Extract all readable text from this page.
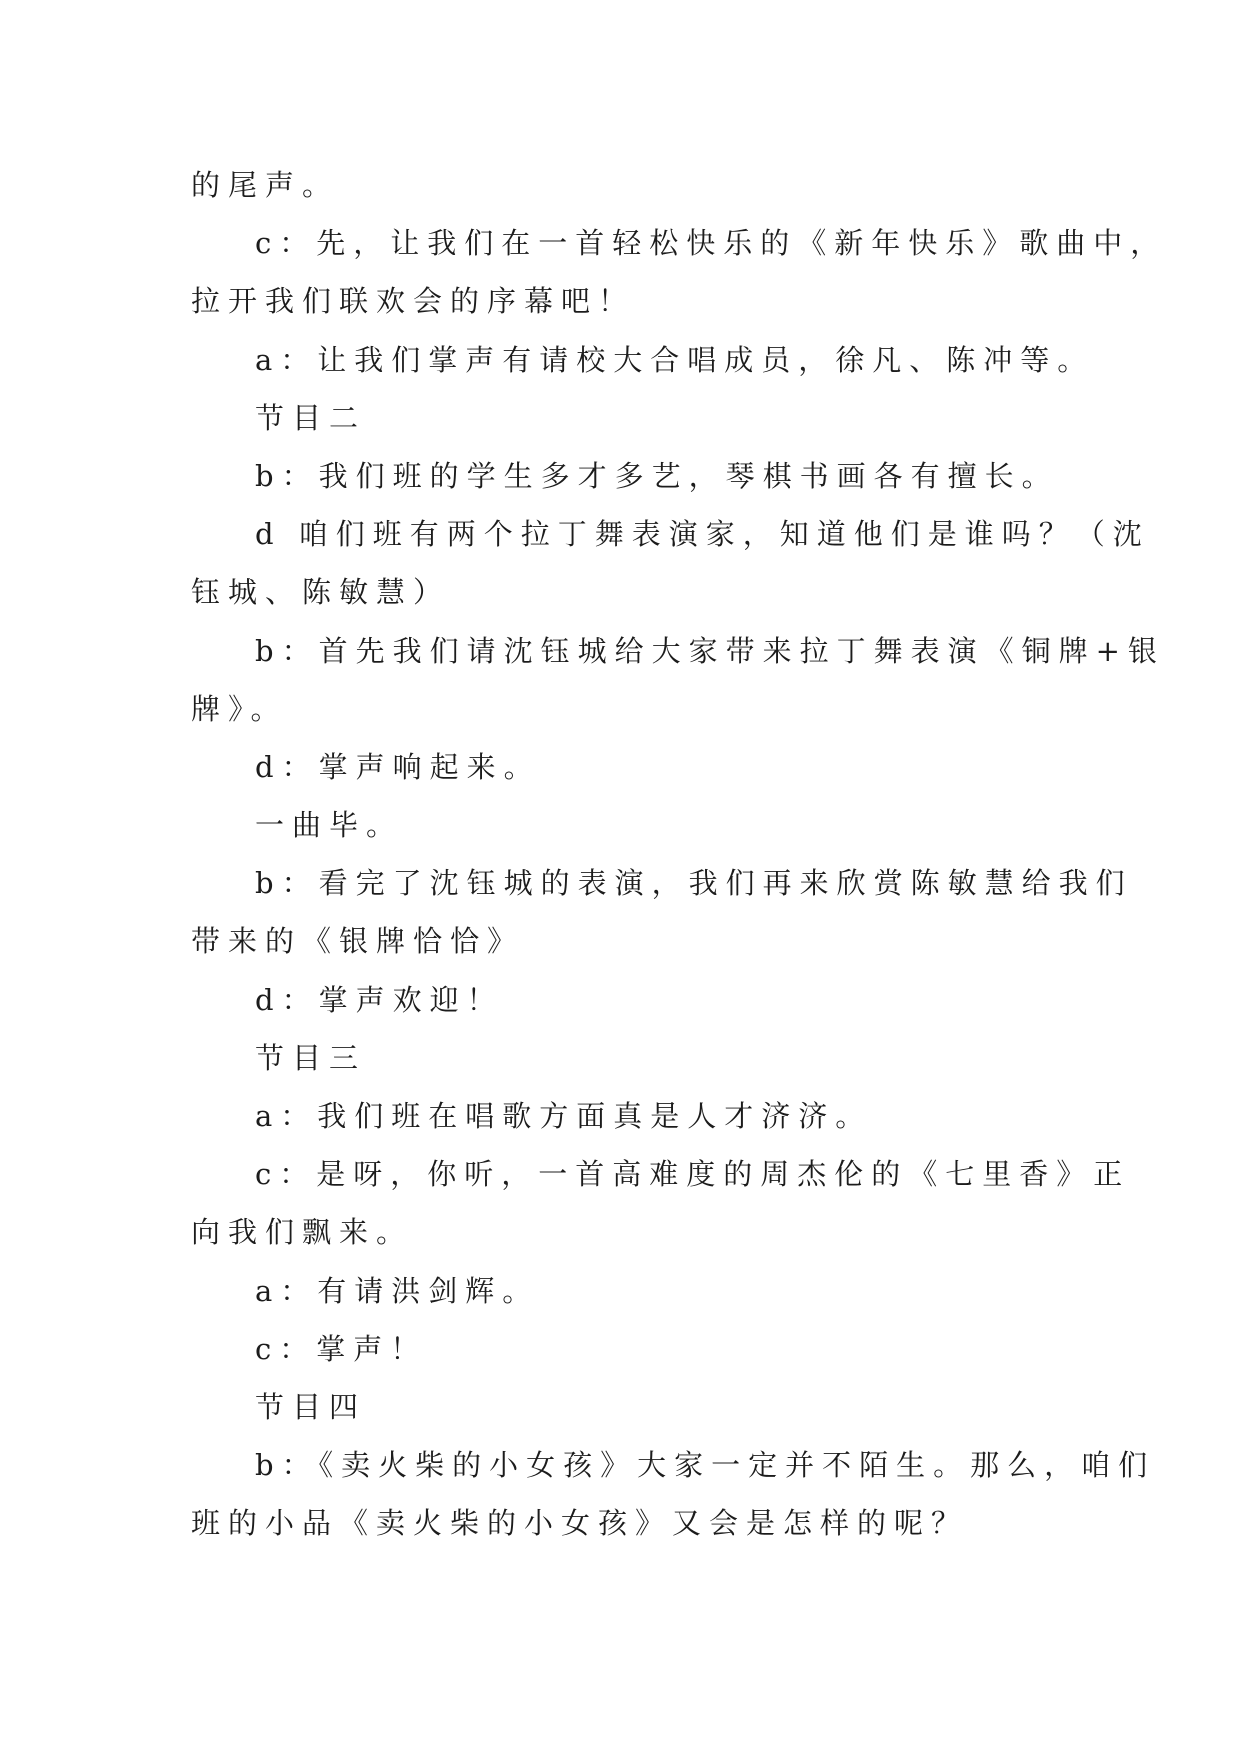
的尾声。
c：先，让我们在一首轻松快乐的《新年快乐》歌曲中，
拉开我们联欢会的序幕吧！
a：让我们掌声有请校大合唱成员，徐凡、陈冲等。
节目二
b：我们班的学生多才多艺，琴棋书画各有擅长。
d 咱们班有两个拉丁舞表演家，知道他们是谁吗？（沈
钰城、陈敏慧）
b：首先我们请沈钰城给大家带来拉丁舞表演《铜牌+银
牌》。
d：掌声响起来。
一曲毕。
b：看完了沈钰城的表演，我们再来欣赏陈敏慧给我们
带来的《银牌恰恰》
d：掌声欢迎！
节目三
a：我们班在唱歌方面真是人才济济。
c：是呀，你听，一首高难度的周杰伦的《七里香》正
向我们飘来。
a：有请洪剑辉。
c：掌声！
节目四
b：《卖火柴的小女孩》大家一定并不陌生。那么，咱们
班的小品《卖火柴的小女孩》又会是怎样的呢？
